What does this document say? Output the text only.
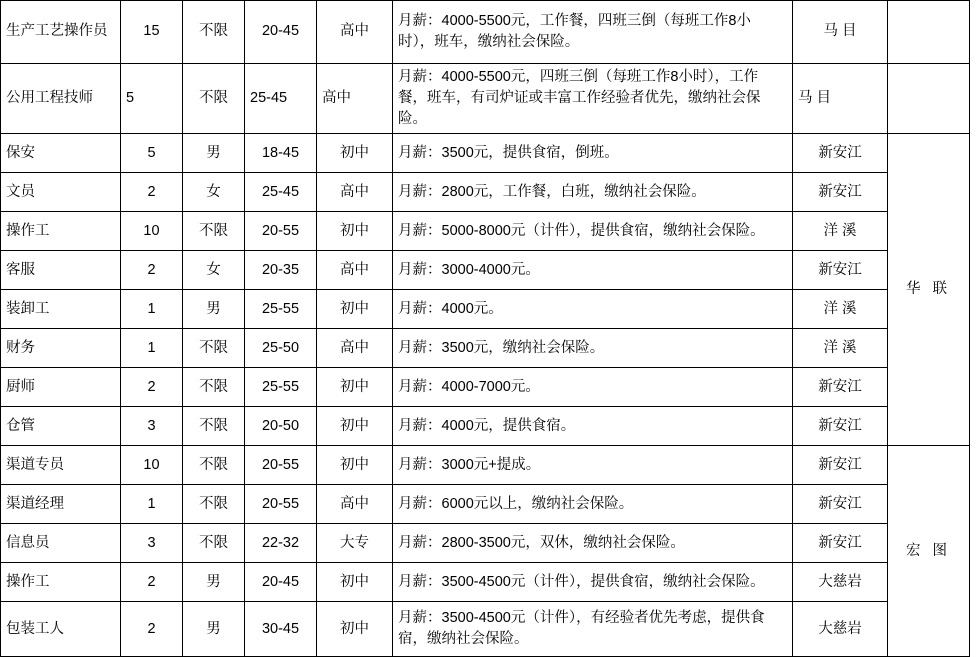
生产工艺操作员	15	不限	20-45	高中	月薪：4000-5500元，工作餐，四班三倒（每班工作8小时），班车，缴纳社会保险。	马 目	
公用工程技师	5	不限	25-45	高中	月薪：4000-5500元，四班三倒（每班工作8小时），工作餐，班车，有司炉证或丰富工作经验者优先，缴纳社会保险。	马 目	
保安	5	男	18-45	初中	月薪：3500元，提供食宿，倒班。	新安江	华 联
文员	2	女	25-45	高中	月薪：2800元，工作餐，白班，缴纳社会保险。	新安江	
操作工	10	不限	20-55	初中	月薪：5000-8000元（计件），提供食宿，缴纳社会保险。	洋 溪	
客服	2	女	20-35	高中	月薪：3000-4000元。	新安江	
装卸工	1	男	25-55	初中	月薪：4000元。	洋 溪	
财务	1	不限	25-50	高中	月薪：3500元，缴纳社会保险。	洋 溪	
厨师	2	不限	25-55	初中	月薪：4000-7000元。	新安江	
仓管	3	不限	20-50	初中	月薪：4000元，提供食宿。	新安江	
渠道专员	10	不限	20-55	初中	月薪：3000元+提成。	新安江	宏 图
渠道经理	1	不限	20-55	高中	月薪：6000元以上，缴纳社会保险。	新安江	
信息员	3	不限	22-32	大专	月薪：2800-3500元，双休，缴纳社会保险。	新安江	
操作工	2	男	20-45	初中	月薪：3500-4500元（计件），提供食宿，缴纳社会保险。	大慈岩	
包装工人	2	男	30-45	初中	月薪：3500-4500元（计件），有经验者优先考虑，提供食宿，缴纳社会保险。	大慈岩	
